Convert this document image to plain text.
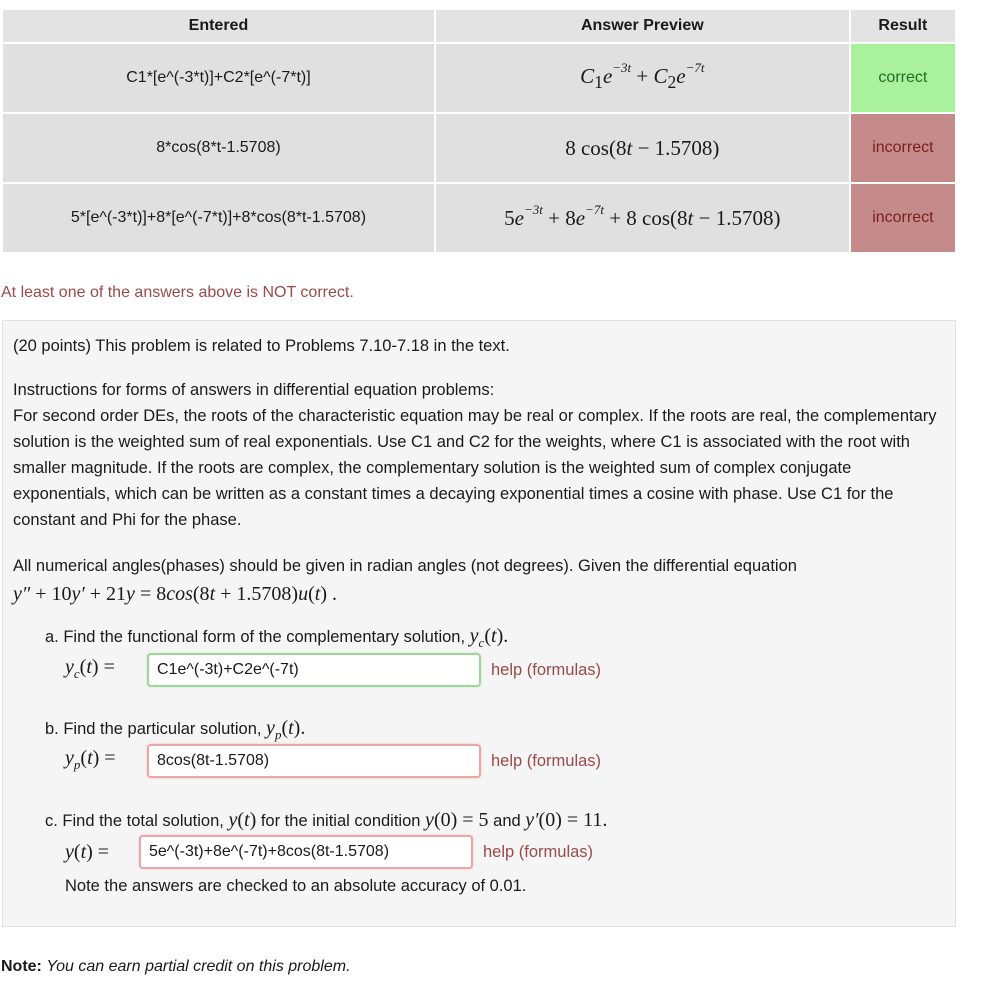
Entered	Answer Preview	Result
C1*[e^(-3*t)]+C2*[e^(-7*t)]	$C_1e^{-3t} + C_2e^{-7t}$	correct
8*cos(8*t-1.5708)	8 cos(8t − 1.5708)	incorrect
5*[e^(-3*t)]+8*[e^(-7*t)]+8*cos(8*t-1.5708)	$5e^{-3t} + 8e^{-7t} + 8$ cos(8t − 1.5708)	incorrect
At least one of the answers above is NOT correct.

(20 points) This problem is related to Problems 7.10-7.18 in the text.

Instructions for forms of answers in differential equation problems:
For second order DEs, the roots of the characteristic equation may be real or complex. If the roots are real, the complementary solution is the weighted sum of real exponentials. Use C1 and C2 for the weights, where C1 is associated with the root with smaller magnitude. If the roots are complex, the complementary solution is the weighted sum of complex conjugate exponentials, which can be written as a constant times a decaying exponential times a cosine with phase. Use C1 for the constant and Phi for the phase.

All numerical angles(phases) should be given in radian angles (not degrees). Given the differential equation

y″ + 10y′ + 21y = 8cos(8t + 1.5708)u(t) .

a. Find the functional form of the complementary solution, $y_c(t)$.
$y_c(t)$ =
C1e^(-3t)+C2e^(-7t)	help (formulas)
b. Find the particular solution, $y_p(t)$.
$y_p(t)$ =
8cos(8t-1.5708)	help (formulas)
c. Find the total solution, y(t) for the initial condition y(0) = 5 and y′(0) = 11.
y(t) =
5e^(-3t)+8e^(-7t)+8cos(8t-1.5708)	help (formulas)
Note the answers are checked to an absolute accuracy of 0.01.
Note: You can earn partial credit on this problem.
